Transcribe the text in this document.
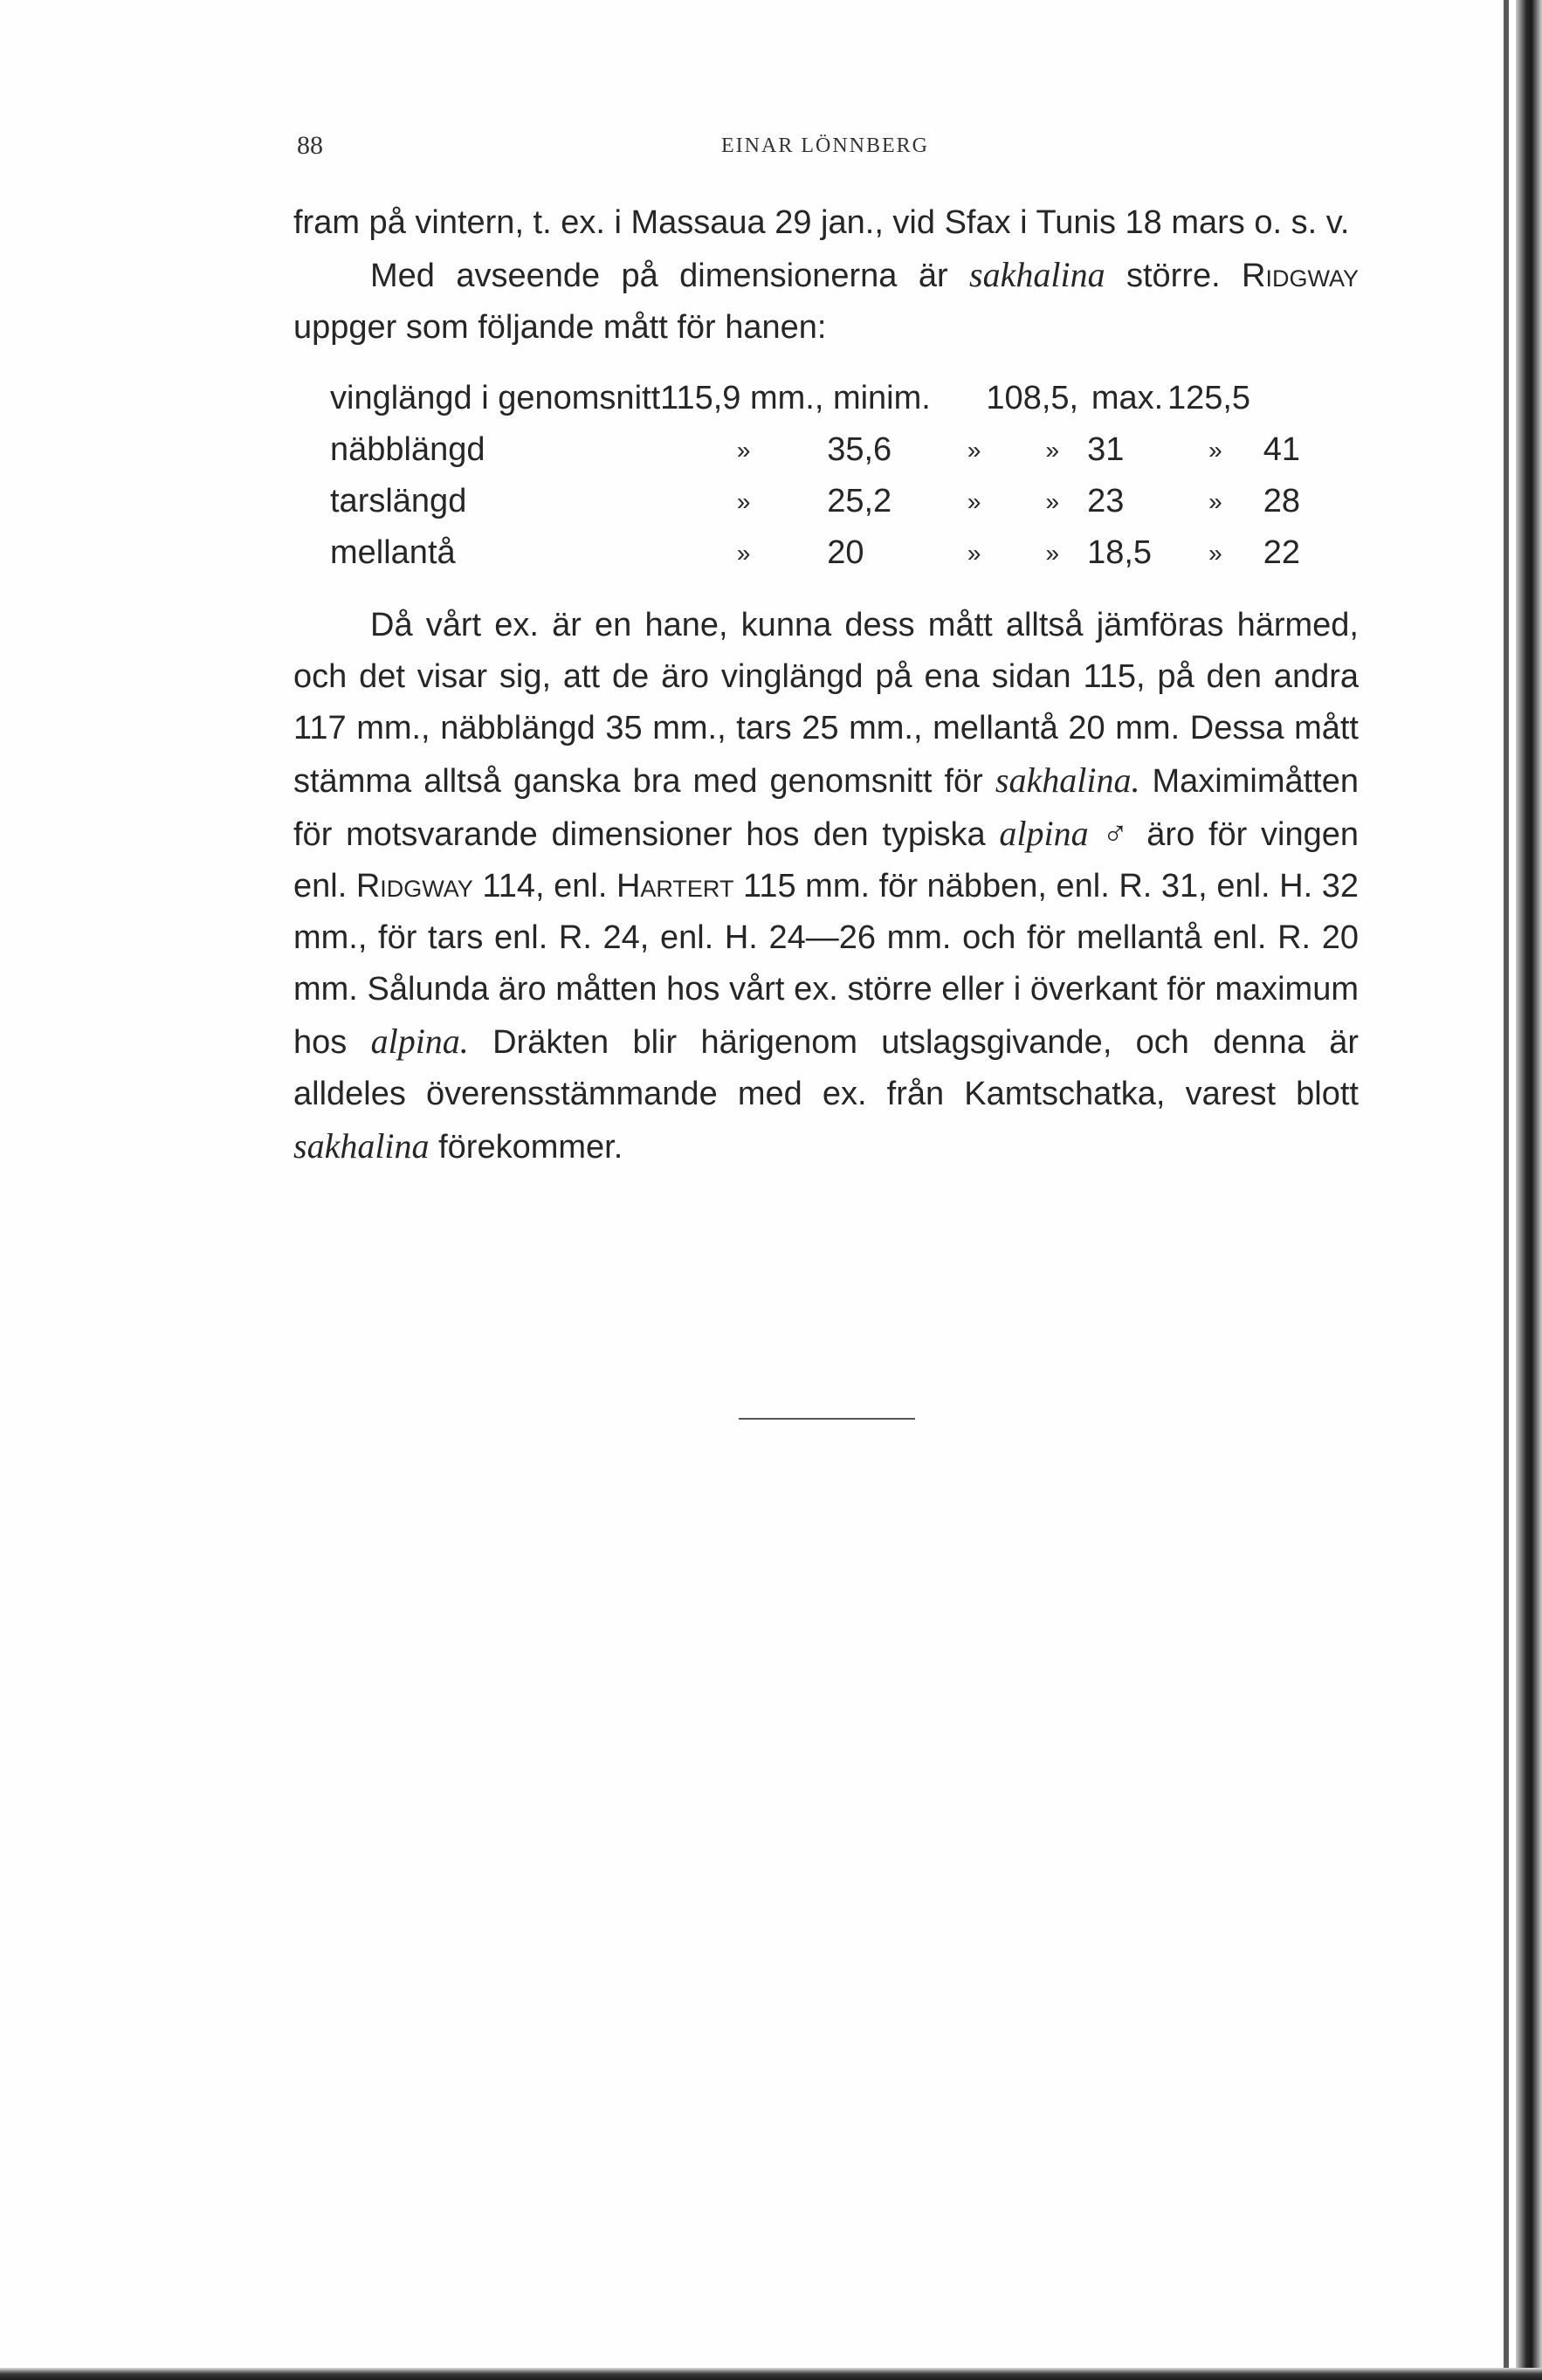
88	EINAR LÖNNBERG

fram på vintern, t. ex. i Massaua 29 jan., vid Sfax i Tunis 18 mars o. s. v.

Med avseende på dimensionerna är sakhalina större. Ridgway uppger som följande mått för hanen:

vinglängd i genomsnitt	115,9 mm., minim.		108,5,		max.	125,5	
näbblängd	»	35,6	»	»	31	»	41
tarslängd	»	25,2	»	»	23	»	28
mellantå	»	20	»	»	18,5	»	22

Då vårt ex. är en hane, kunna dess mått alltså jämföras härmed, och det visar sig, att de äro vinglängd på ena sidan 115, på den andra 117 mm., näbblängd 35 mm., tars 25 mm., mellantå 20 mm. Dessa mått stämma alltså ganska bra med genomsnitt för sakhalina. Maximimåtten för motsvarande dimensioner hos den typiska alpina ♂ äro för vingen enl. Ridgway 114, enl. Hartert 115 mm. för näbben, enl. R. 31, enl. H. 32 mm., för tars enl. R. 24, enl. H. 24—26 mm. och för mellantå enl. R. 20 mm. Sålunda äro måtten hos vårt ex. större eller i överkant för maximum hos alpina. Dräkten blir härigenom utslagsgivande, och denna är alldeles överensstämmande med ex. från Kamtschatka, varest blott sakhalina förekommer.
